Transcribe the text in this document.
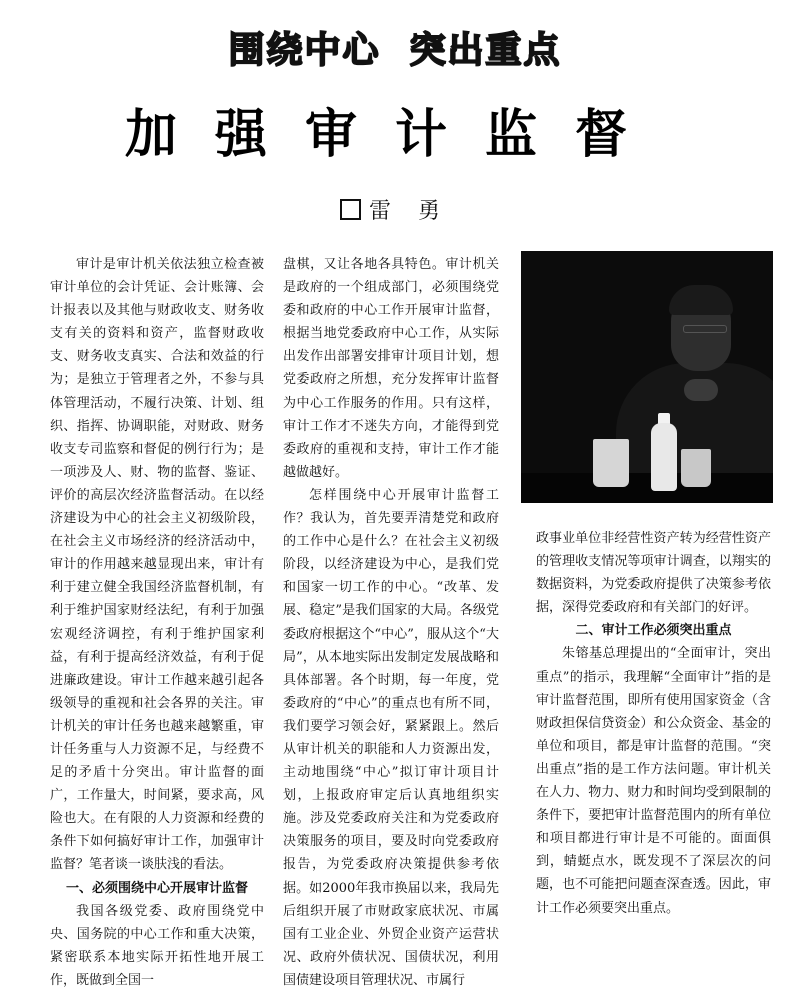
围绕中心  突出重点
加强审计监督
雷 勇

审计是审计机关依法独立检查被审计单位的会计凭证、会计账簿、会计报表以及其他与财政收支、财务收支有关的资料和资产，监督财政收支、财务收支真实、合法和效益的行为；是独立于管理者之外，不参与具体管理活动，不履行决策、计划、组织、指挥、协调职能，对财政、财务收支专司监察和督促的例行行为；是一项涉及人、财、物的监督、鉴证、评价的高层次经济监督活动。在以经济建设为中心的社会主义初级阶段，在社会主义市场经济的经济活动中，审计的作用越来越显现出来，审计有利于建立健全我国经济监督机制，有利于维护国家财经法纪，有利于加强宏观经济调控，有利于维护国家利益，有利于提高经济效益，有利于促进廉政建设。审计工作越来越引起各级领导的重视和社会各界的关注。审计机关的审计任务也越来越繁重，审计任务重与人力资源不足，与经费不足的矛盾十分突出。审计监督的面广，工作量大，时间紧，要求高，风险也大。在有限的人力资源和经费的条件下如何搞好审计工作，加强审计监督？笔者谈一谈肤浅的看法。

一、必须围绕中心开展审计监督

我国各级党委、政府围绕党中央、国务院的中心工作和重大决策，紧密联系本地实际开拓性地开展工作，既做到全国一

盘棋，又让各地各具特色。审计机关是政府的一个组成部门，必须围绕党委和政府的中心工作开展审计监督，根据当地党委政府中心工作，从实际出发作出部署安排审计项目计划，想党委政府之所想，充分发挥审计监督为中心工作服务的作用。只有这样，审计工作才不迷失方向，才能得到党委政府的重视和支持，审计工作才能越做越好。

怎样围绕中心开展审计监督工作？我认为，首先要弄清楚党和政府的工作中心是什么？在社会主义初级阶段，以经济建设为中心，是我们党和国家一切工作的中心。“改革、发展、稳定”是我们国家的大局。各级党委政府根据这个“中心”，服从这个“大局”，从本地实际出发制定发展战略和具体部署。各个时期，每一年度，党委政府的“中心”的重点也有所不同，我们要学习领会好，紧紧跟上。然后从审计机关的职能和人力资源出发，主动地围绕“中心”拟订审计项目计划，上报政府审定后认真地组织实施。涉及党委政府关注和为党委政府决策服务的项目，要及时向党委政府报告，为党委政府决策提供参考依据。如2000年我市换届以来，我局先后组织开展了市财政家底状况、市属国有工业企业、外贸企业资产运营状况、政府外债状况、国债状况，利用国债建设项目管理状况、市属行

政事业单位非经营性资产转为经营性资产的管理收支情况等项审计调查，以翔实的数据资料，为党委政府提供了决策参考依据，深得党委政府和有关部门的好评。

二、审计工作必须突出重点

朱镕基总理提出的“全面审计，突出重点”的指示，我理解“全面审计”指的是审计监督范围，即所有使用国家资金（含财政担保信贷资金）和公众资金、基金的单位和项目，都是审计监督的范围。“突出重点”指的是工作方法问题。审计机关在人力、物力、财力和时间均受到限制的条件下，要把审计监督范围内的所有单位和项目都进行审计是不可能的。面面俱到，蜻蜓点水，既发现不了深层次的问题，也不可能把问题查深查透。因此，审计工作必须要突出重点。
